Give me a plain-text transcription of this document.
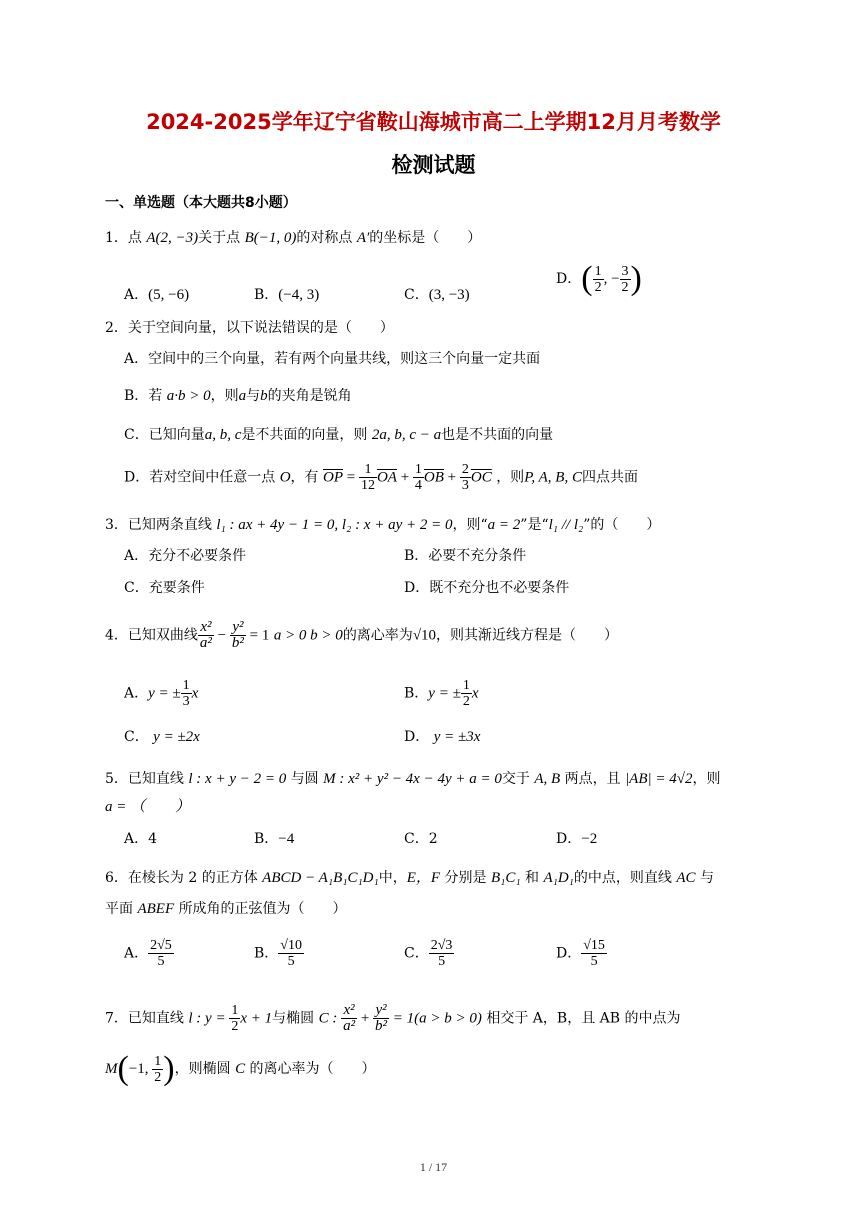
2024-2025学年辽宁省鞍山海城市高二上学期12月月考数学
检测试题
一、单选题（本大题共8小题）
1．点 A(2, −3)关于点 B(−1, 0)的对称点 A′的坐标是（　　）
A．(5, −6)	B．(−4, 3)	C．(3, −3)
D．( $\frac{1}{2}$ , − $\frac{3}{2}$ )
2．关于空间向量，以下说法错误的是（　　）
A．空间中的三个向量，若有两个向量共线，则这三个向量一定共面
B．若 a·b > 0，则a与b的夹角是锐角
C．已知向量a, b, c是不共面的向量，则 2a, b, c − a也是不共面的向量
D．若对空间中任意一点 O，有 $\overline{OP} = \frac{1}{12} \overline{OA} + \frac{1}{4} \overline{OB} + \frac{2}{3} \overline{OC}$ ，则P, A, B, C四点共面
3．已知两条直线 l₁ : ax + 4y − 1 = 0, l₂ : x + ay + 2 = 0，则“a = 2”是“l₁ // l₂”的（　　）
A．充分不必要条件	B．必要不充分条件
C．充要条件	D．既不充分也不必要条件
4．已知双曲线 $\frac{\text{x²}}{\text{a²}} - \frac{\text{y²}}{\text{b²}} = 1$ a > 0 b > 0的离心率为√10，则其渐近线方程是（　　）
A．y = ± $\frac{1}{3}$ x	B．y = ± $\frac{1}{2}$ x
C． y = ±2x	D． y = ±3x
5．已知直线 l : x + y − 2 = 0 与圆 M : x² + y² − 4x − 4y + a = 0交于 A, B 两点，且 |AB| = 4√2，则
a = （　　）
A．4	B．−4	C．2	D．−2
6．在棱长为 2 的正方体 ABCD − A₁B₁C₁D₁中，E，F 分别是 B₁C₁ 和 A₁D₁的中点，则直线 AC 与
平面 ABEF 所成角的正弦值为（　　）
A． $\frac{2√5}{5}$	B． $\frac{√10}{5}$	C． $\frac{2√3}{5}$	D． $\frac{√15}{5}$
7．已知直线 l : $y = \frac{1}{2}$ x + 1与椭圆 C : $\frac{\text{x²}}{\text{a²}} + \frac{\text{y²}}{\text{b²}} = 1(a > b > 0)$ 相交于 A，B，且 AB 的中点为
M(−1, $\frac{1}{2}$ )，则椭圆 C 的离心率为（　　）
1 / 17
